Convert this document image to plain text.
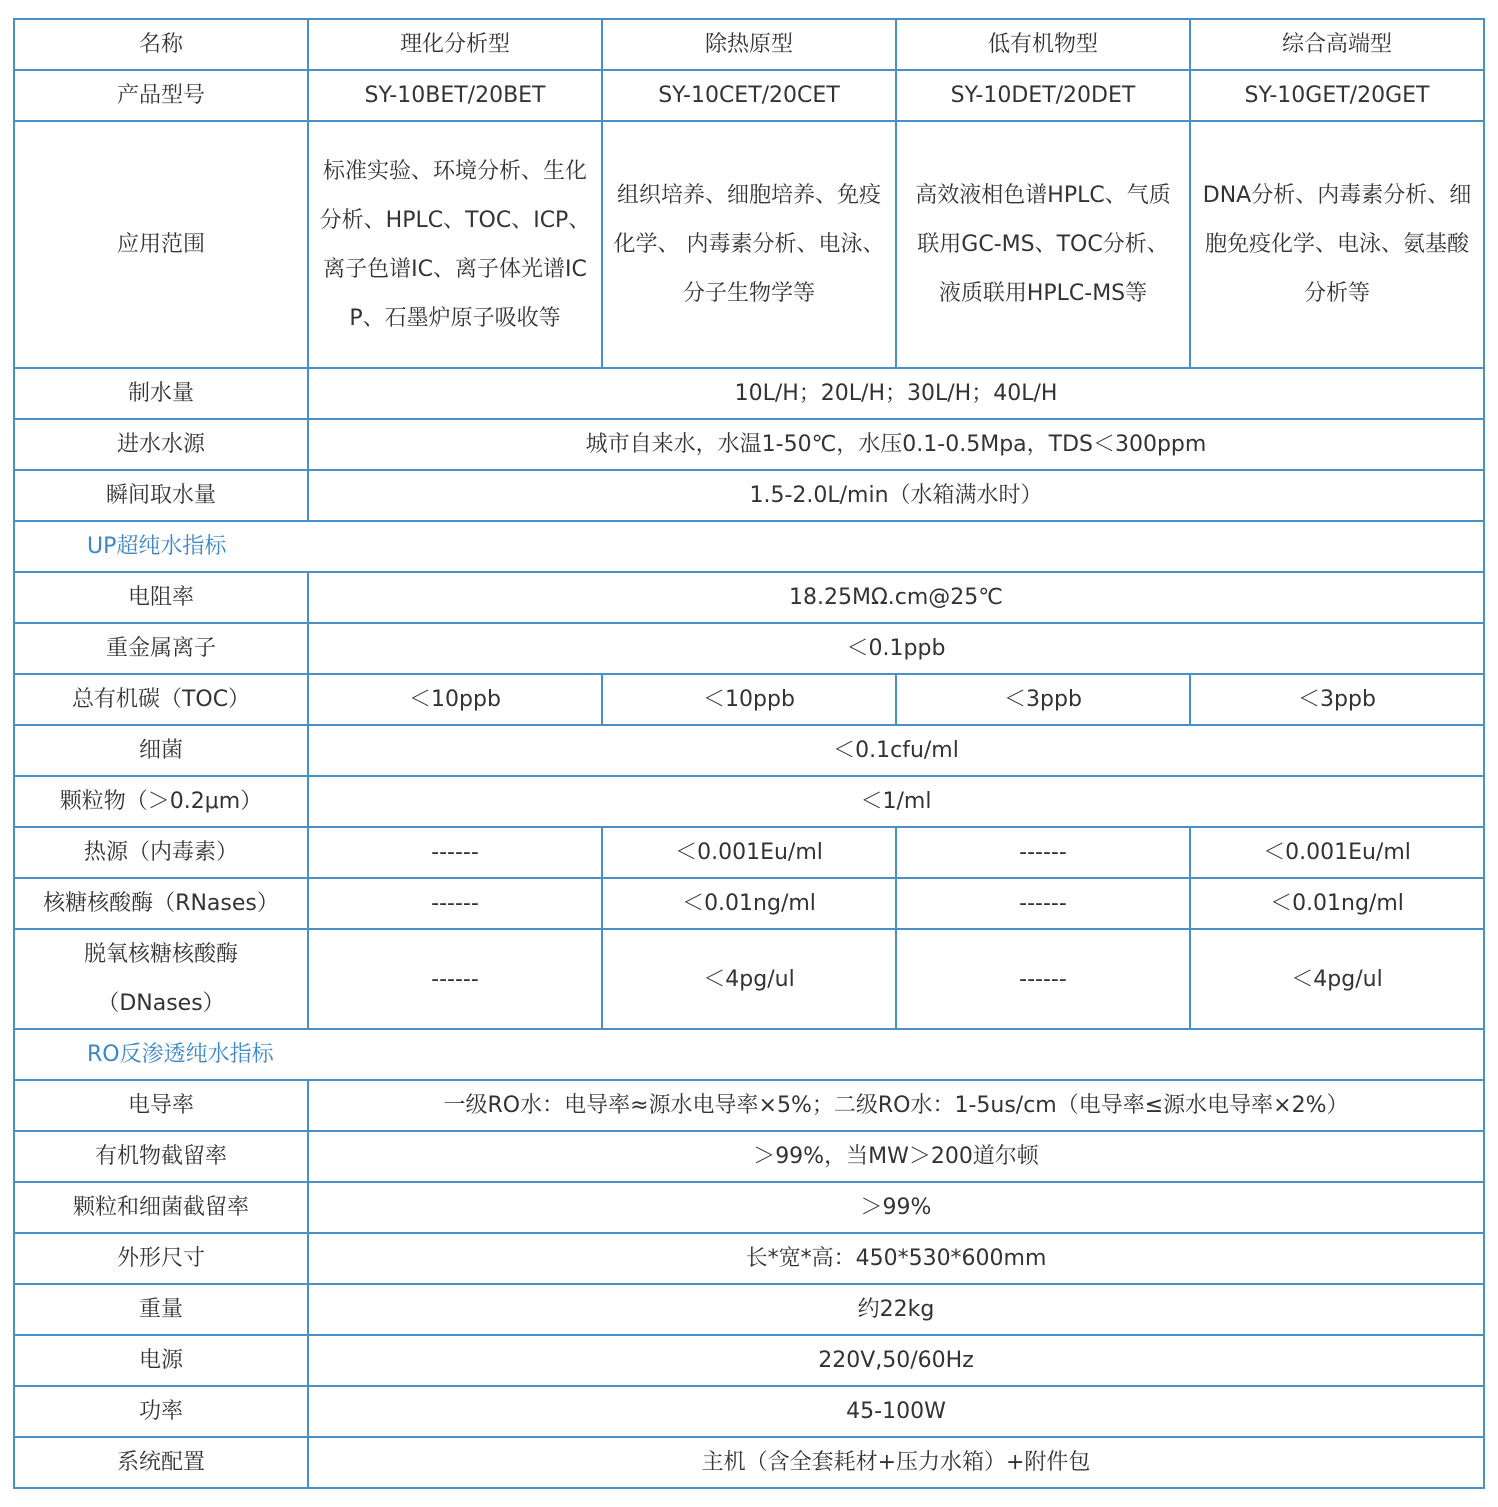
名称	理化分析型	除热原型	低有机物型	综合高端型
产品型号	SY-10BET/20BET	SY-10CET/20CET	SY-10DET/20DET	SY-10GET/20GET
应用范围	标准实验、环境分析、生化分析、HPLC、TOC、ICP、离子色谱IC、离子体光谱ICP、石墨炉原子吸收等	组织培养、细胞培养、免疫化学、 内毒素分析、电泳、分子生物学等	高效液相色谱HPLC、气质联用GC-MS、TOC分析、液质联用HPLC-MS等	DNA分析、内毒素分析、细胞免疫化学、电泳、氨基酸分析等
制水量	10L/H；20L/H；30L/H；40L/H			
进水水源	城市自来水，水温1-50℃，水压0.1-0.5Mpa，TDS＜300ppm			
瞬间取水量	1.5-2.0L/min（水箱满水时）			
UP超纯水指标				
电阻率	18.25MΩ.cm@25℃			
重金属离子	＜0.1ppb			
总有机碳（TOC）	＜10ppb	＜10ppb	＜3ppb	＜3ppb
细菌	＜0.1cfu/ml			
颗粒物（＞0.2μm）	＜1/ml			
热源（内毒素）	------	＜0.001Eu/ml	------	＜0.001Eu/ml
核糖核酸酶（RNases）	------	＜0.01ng/ml	------	＜0.01ng/ml

脱氧核糖核酸酶
（DNases）	------	＜4pg/ul	------	＜4pg/ul
RO反渗透纯水指标				
电导率	一级RO水：电导率≈源水电导率×5%；二级RO水：1-5us/cm（电导率≤源水电导率×2%）			
有机物截留率	＞99%，当MW＞200道尔顿			
颗粒和细菌截留率	＞99%			
外形尺寸	长*宽*高：450*530*600mm			
重量	约22kg			
电源	220V,50/60Hz			
功率	45-100W			
系统配置	主机（含全套耗材+压力水箱）+附件包			
